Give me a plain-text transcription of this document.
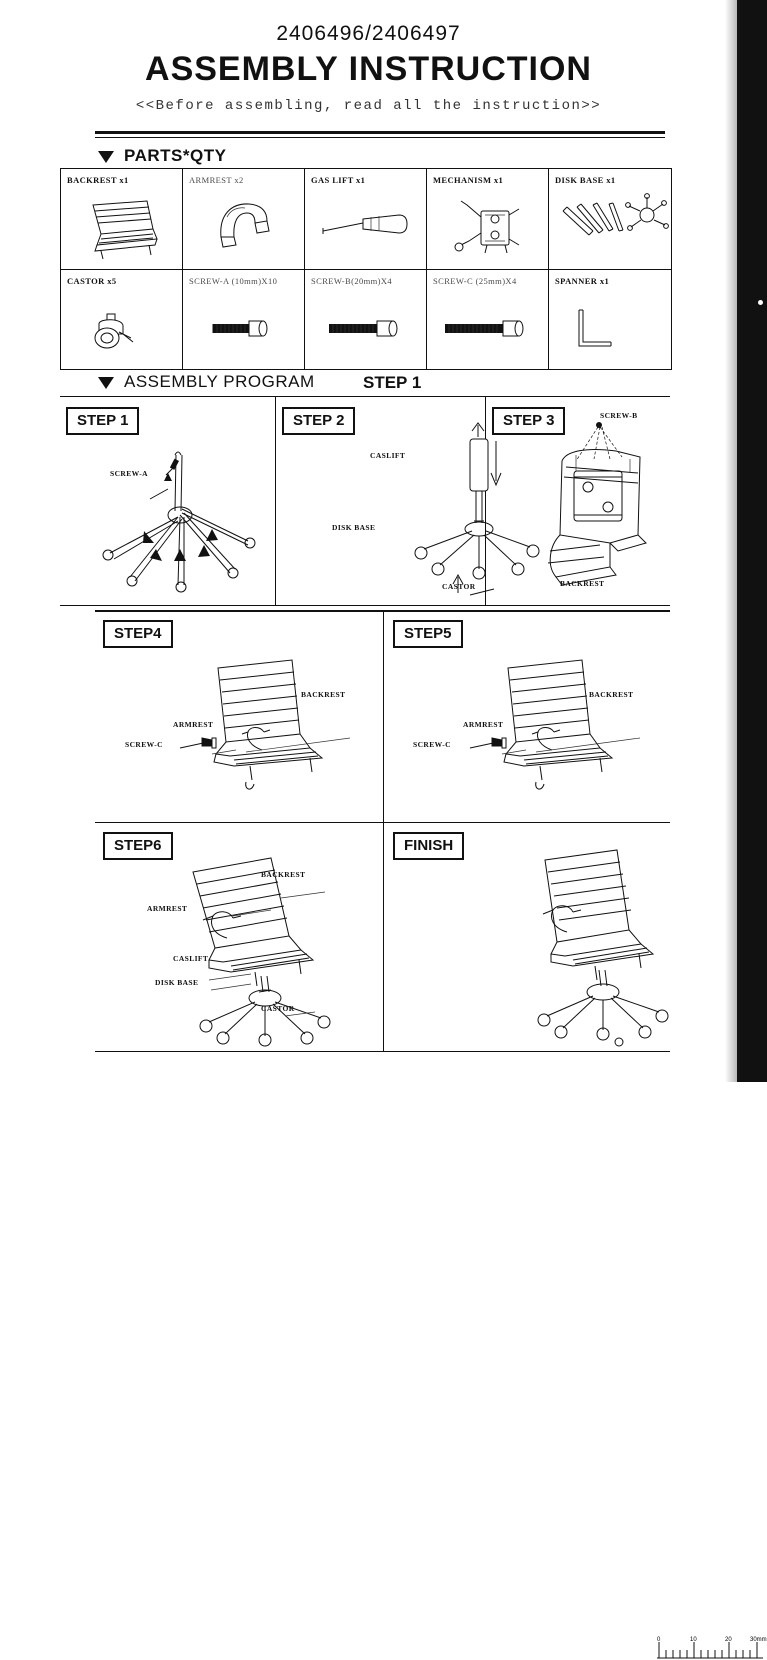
2406496/2406497
ASSEMBLY INSTRUCTION
<<Before assembling, read all the instruction>>
PARTS*QTY
BACKREST x1	ARMREST x2	GAS LIFT x1	MECHANISM x1	DISK BASE x1
CASTOR x5	SCREW-A (10mm)X10	SCREW-B(20mm)X4	SCREW-C (25mm)X4	SPANNER x1
ASSEMBLY PROGRAM	STEP 1
STEP 1
SCREW-A
STEP 2
CASLIFT
DISK BASE
CASTOR
STEP 3	SCREW-B
BACKREST
STEP4
BACKREST
ARMREST
SCREW-C
STEP5
BACKREST
ARMREST
SCREW-C
STEP6
BACKREST
ARMREST
CASLIFT
DISK BASE
CASTOR
FINISH
0	10	20	30mm
